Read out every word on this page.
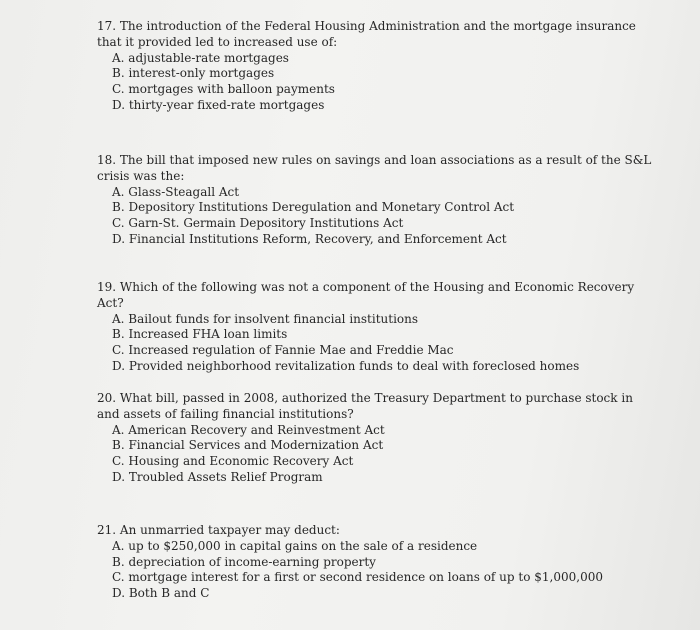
17. The introduction of the Federal Housing Administration and the mortgage insurance that it provided led to increased use of:

A. adjustable-rate mortgages
B. interest-only mortgages
C. mortgages with balloon payments
D. thirty-year fixed-rate mortgages

18. The bill that imposed new rules on savings and loan associations as a result of the S&L crisis was the:

A. Glass-Steagall Act
B. Depository Institutions Deregulation and Monetary Control Act
C. Garn-St. Germain Depository Institutions Act
D. Financial Institutions Reform, Recovery, and Enforcement Act

19. Which of the following was not a component of the Housing and Economic Recovery Act?

A. Bailout funds for insolvent financial institutions
B. Increased FHA loan limits
C. Increased regulation of Fannie Mae and Freddie Mac
D. Provided neighborhood revitalization funds to deal with foreclosed homes

20. What bill, passed in 2008, authorized the Treasury Department to purchase stock in and assets of failing financial institutions?

A. American Recovery and Reinvestment Act
B. Financial Services and Modernization Act
C. Housing and Economic Recovery Act
D. Troubled Assets Relief Program

21. An unmarried taxpayer may deduct:

A. up to $250,000 in capital gains on the sale of a residence
B. depreciation of income-earning property
C. mortgage interest for a first or second residence on loans of up to $1,000,000
D. Both B and C
